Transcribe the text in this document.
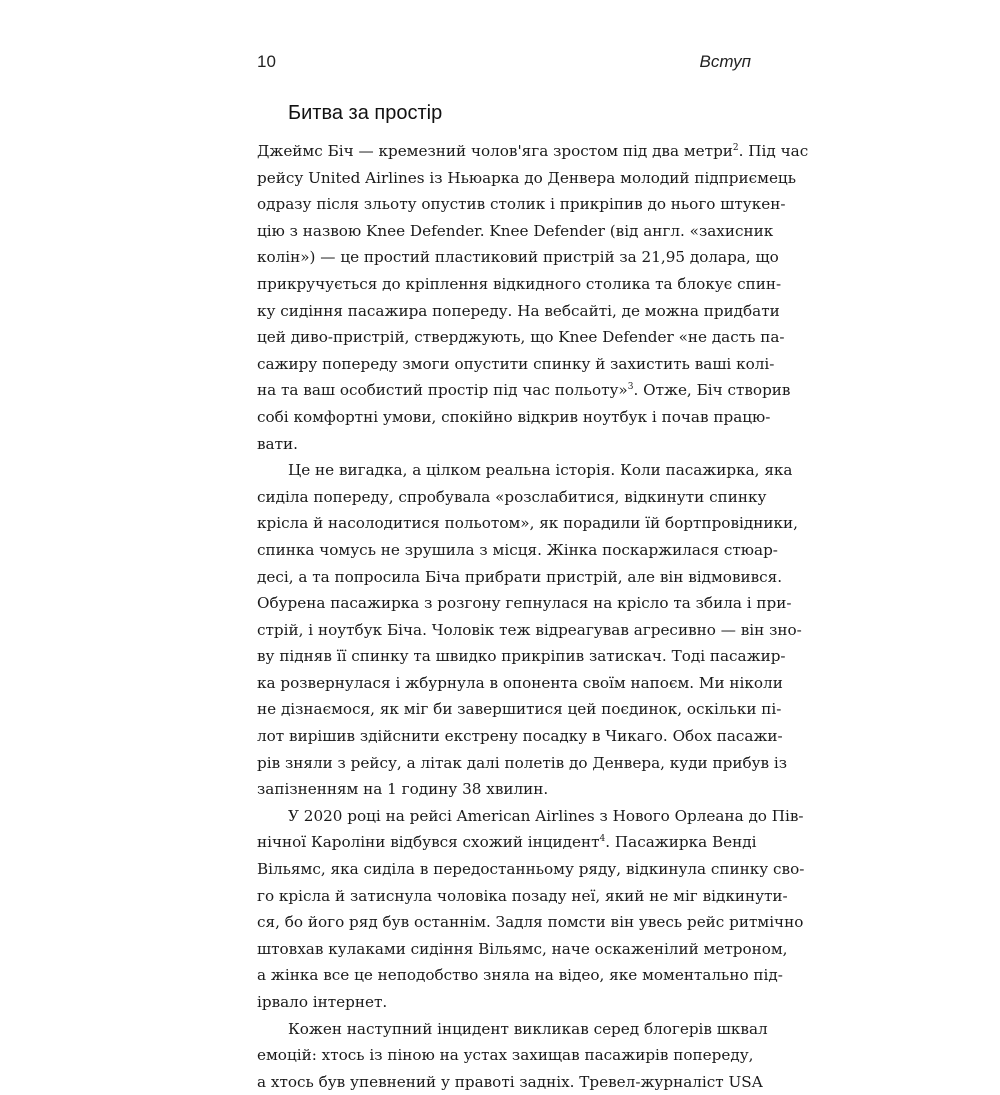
10	Вступ
Битва за простір
Джеймс Біч — кремезний чолов'яга зростом під два метри$^2$. Під час
рейсу United Airlines із Ньюарка до Денвера молодий підприємець
одразу після зльоту опустив столик і прикріпив до нього штукен-
цію з назвою Knee Defender. Knee Defender (від англ. «захисник
колін») — це простий пластиковий пристрій за 21,95 долара, що
прикручується до кріплення відкидного столика та блокує спин-
ку сидіння пасажира попереду. На вебсайті, де можна придбати
цей диво-пристрій, стверджують, що Knee Defender «не дасть па-
сажиру попереду змоги опустити спинку й захистить ваші колі-
на та ваш особистий простір під час польоту»$^3$. Отже, Біч створив
собі комфортні умови, спокійно відкрив ноутбук і почав працю-
вати.
Це не вигадка, а цілком реальна історія. Коли пасажирка, яка
сиділа попереду, спробувала «розслабитися, відкинути спинку
крісла й насолодитися польотом», як порадили їй бортпровідники,
спинка чомусь не зрушила з місця. Жінка поскаржилася стюар-
десі, а та попросила Біча прибрати пристрій, але він відмовився.
Обурена пасажирка з розгону гепнулася на крісло та збила і при-
стрій, і ноутбук Біча. Чоловік теж відреагував агресивно — він зно-
ву підняв її спинку та швидко прикріпив затискач. Тоді пасажир-
ка розвернулася і жбурнула в опонента своїм напоєм. Ми ніколи
не дізнаємося, як міг би завершитися цей поєдинок, оскільки пі-
лот вирішив здійснити екстрену посадку в Чикаго. Обох пасажи-
рів зняли з рейсу, а літак далі полетів до Денвера, куди прибув із
запізненням на 1 годину 38 хвилин.
У 2020 році на рейсі American Airlines з Нового Орлеана до Пів-
нічної Кароліни відбувся схожий інцидент$^4$. Пасажирка Венді
Вільямс, яка сиділа в передостанньому ряду, відкинула спинку сво-
го крісла й затиснула чоловіка позаду неї, який не міг відкинути-
ся, бо його ряд був останнім. Задля помсти він увесь рейс ритмічно
штовхав кулаками сидіння Вільямс, наче оскаженілий метроном,
а жінка все це неподобство зняла на відео, яке моментально під-
ірвало інтернет.
Кожен наступний інцидент викликав серед блогерів шквал
емоцій: хтось із піною на устах захищав пасажирів попереду,
а хтось був упевнений у правоті задніх. Тревел-журналіст USA
